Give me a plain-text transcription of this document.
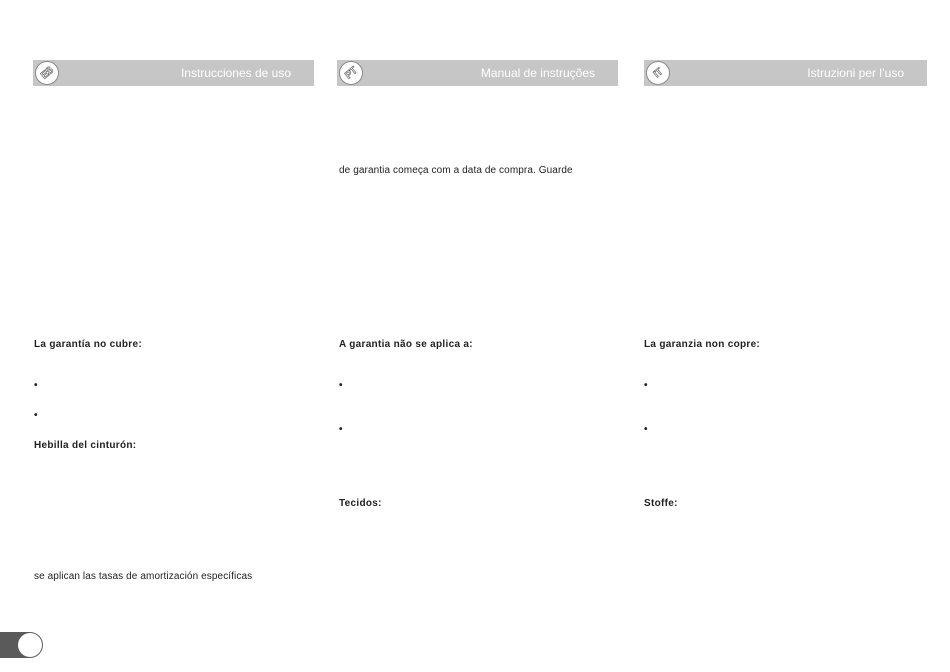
ES	Instrucciones de uso
La garantía no cubre:
•
•
Hebilla del cinturón:
se aplican las tasas de amortización específicas
PT	Manual de instruções
de garantia começa com a data de compra. Guarde
A garantia não se aplica a:
•
•
Tecidos:
IT	Istruzioni per l’uso
La garanzia non copre:
•
•
Stoffe:
